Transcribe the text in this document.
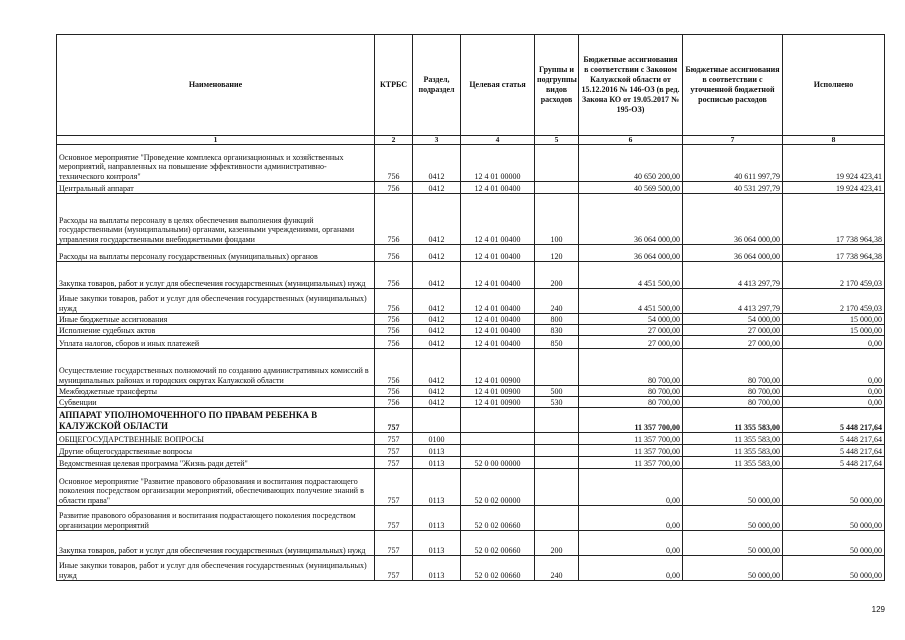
Наименование	КТРБС	Раздел, подраздел	Целевая статья	Группы и подгруппы видов расходов	Бюджетные ассигнования в соответствии с Законом Калужской области от 15.12.2016 № 146-ОЗ (в ред. Закона КО от 19.05.2017 № 195-ОЗ)	Бюджетные ассигнования в соответствии с уточненной бюджетной росписью расходов	Исполнено
1	2	3	4	5	6	7	8
Основное мероприятие "Проведение комплекса организационных и хозяйственных мероприятий, направленных на повышение эффективности административно-технического контроля"	756	0412	12 4 01 00000		40 650 200,00	40 611 997,79	19 924 423,41
Центральный аппарат	756	0412	12 4 01 00400		40 569 500,00	40 531 297,79	19 924 423,41
Расходы на выплаты персоналу в целях обеспечения выполнения функций государственными (муниципальными) органами, казенными учреждениями, органами управления государственными внебюджетными фондами	756	0412	12 4 01 00400	100	36 064 000,00	36 064 000,00	17 738 964,38
Расходы на выплаты персоналу государственных (муниципальных) органов	756	0412	12 4 01 00400	120	36 064 000,00	36 064 000,00	17 738 964,38
Закупка товаров, работ и услуг для обеспечения государственных (муниципальных) нужд	756	0412	12 4 01 00400	200	4 451 500,00	4 413 297,79	2 170 459,03
Иные закупки товаров, работ и услуг для обеспечения государственных (муниципальных) нужд	756	0412	12 4 01 00400	240	4 451 500,00	4 413 297,79	2 170 459,03
Иные бюджетные ассигнования	756	0412	12 4 01 00400	800	54 000,00	54 000,00	15 000,00
Исполнение судебных актов	756	0412	12 4 01 00400	830	27 000,00	27 000,00	15 000,00
Уплата налогов, сборов и иных платежей	756	0412	12 4 01 00400	850	27 000,00	27 000,00	0,00
Осуществление государственных полномочий по созданию административных комиссий в муниципальных районах и городских округах Калужской области	756	0412	12 4 01 00900		80 700,00	80 700,00	0,00
Межбюджетные трансферты	756	0412	12 4 01 00900	500	80 700,00	80 700,00	0,00
Субвенции	756	0412	12 4 01 00900	530	80 700,00	80 700,00	0,00
АППАРАТ УПОЛНОМОЧЕННОГО ПО ПРАВАМ РЕБЕНКА В КАЛУЖСКОЙ ОБЛАСТИ	757				11 357 700,00	11 355 583,00	5 448 217,64
ОБЩЕГОСУДАРСТВЕННЫЕ ВОПРОСЫ	757	0100			11 357 700,00	11 355 583,00	5 448 217,64
Другие общегосударственные вопросы	757	0113			11 357 700,00	11 355 583,00	5 448 217,64
Ведомственная целевая программа "Жизнь ради детей"	757	0113	52 0 00 00000		11 357 700,00	11 355 583,00	5 448 217,64
Основное мероприятие "Развитие правового образования и воспитания подрастающего поколения посредством организации мероприятий, обеспечивающих получение знаний в области права"	757	0113	52 0 02 00000		0,00	50 000,00	50 000,00
Развитие правового образования и воспитания подрастающего поколения посредством организации мероприятий	757	0113	52 0 02 00660		0,00	50 000,00	50 000,00
Закупка товаров, работ и услуг для обеспечения государственных (муниципальных) нужд	757	0113	52 0 02 00660	200	0,00	50 000,00	50 000,00
Иные закупки товаров, работ и услуг для обеспечения государственных (муниципальных) нужд	757	0113	52 0 02 00660	240	0,00	50 000,00	50 000,00
129
